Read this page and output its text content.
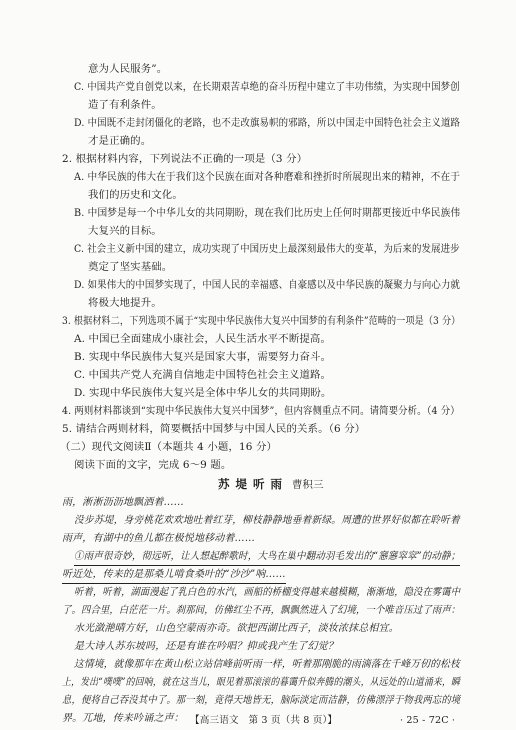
意为人民服务”。
C. 中国共产党自创党以来，在长期艰苦卓绝的奋斗历程中建立了丰功伟绩，为实现中国梦创
造了有利条件。
D. 中国既不走封闭僵化的老路，也不走改旗易帜的邪路，所以中国走中国特色社会主义道路
才是正确的。
2. 根据材料内容，下列说法不正确的一项是（3 分）
A. 中华民族的伟大在于我们这个民族在面对各种磨难和挫折时所展现出来的精神，不在于
我们的历史和文化。
B. 中国梦是每一个中华儿女的共同期盼，现在我们比历史上任何时期都更接近中华民族伟
大复兴的目标。
C. 社会主义新中国的建立，成功实现了中国历史上最深刻最伟大的变革，为后来的发展进步
奠定了坚实基础。
D. 如果伟大的中国梦实现了，中国人民的幸福感、自豪感以及中华民族的凝聚力与向心力就
将极大地提升。
3. 根据材料二，下列选项不属于“实现中华民族伟大复兴中国梦的有利条件”范畴的一项是（3 分）
A. 中国已全面建成小康社会，人民生活水平不断提高。
B. 实现中华民族伟大复兴是国家大事，需要努力奋斗。
C. 中国共产党人充满自信地走中国特色社会主义道路。
D. 实现中华民族伟大复兴是全体中华儿女的共同期盼。
4. 两则材料都谈到“实现中华民族伟大复兴中国梦”，但内容侧重点不同。请简要分析。（4 分）
5. 请结合两则材料，简要概括中国梦与中国人民的关系。（6 分）
（二）现代文阅读Ⅱ（本题共 4 小题，16 分）
阅读下面的文字，完成 6～9 题。
苏堤听雨 曹积三
雨，淅淅沥沥地飘洒着……
没步苏堤，身旁桃花欢欢地吐着红芽，柳枝静静地垂着新绿。周遭的世界好似都在聆听着
雨声，有湖中的鱼儿都在极悦地移动着……
①雨声很奇妙，彻远听，让人想起醉歌时，大鸟在巢中翻动羽毛发出的“窸窸窣窣”的动静；
听近处，传来的是那桑儿啃食桑叶的“沙沙”响……
听着，听着，湖面漫起了乳白色的水汽，画船的桥棚变得越来越模糊，渐渐地，隐没在雾霭中
了。四合里，白茫茫一片。刹那间，仿佛红尘不再，飘飘然进入了幻境，一个唯音压过了雨声：
水光潋滟晴方好，山色空蒙雨亦奇。欲把西湖比西子，淡妆浓抹总相宜。
是大诗人苏东坡吗，还是有谁在吟唱？抑或我产生了幻觉？
这情境，就像那年在黄山松立站信峰前听雨一样，听着那刚脆的雨滴落在千峰万仞的松枝
上，发出“噗噗”的回响，就在这当儿，眼见着那滚滚的暮霭升似奔腾的潮头，从远处的山道涌来，瞬
息，便将自己吞没其中了。那一刻，竟得天地皆无，脑际淡定而洁静，仿佛漂浮于物我两忘的境
界。兀地，传来吟诵之声： 【高三语文　第 3 页（共 8 页）】	· 25 - 72C ·
